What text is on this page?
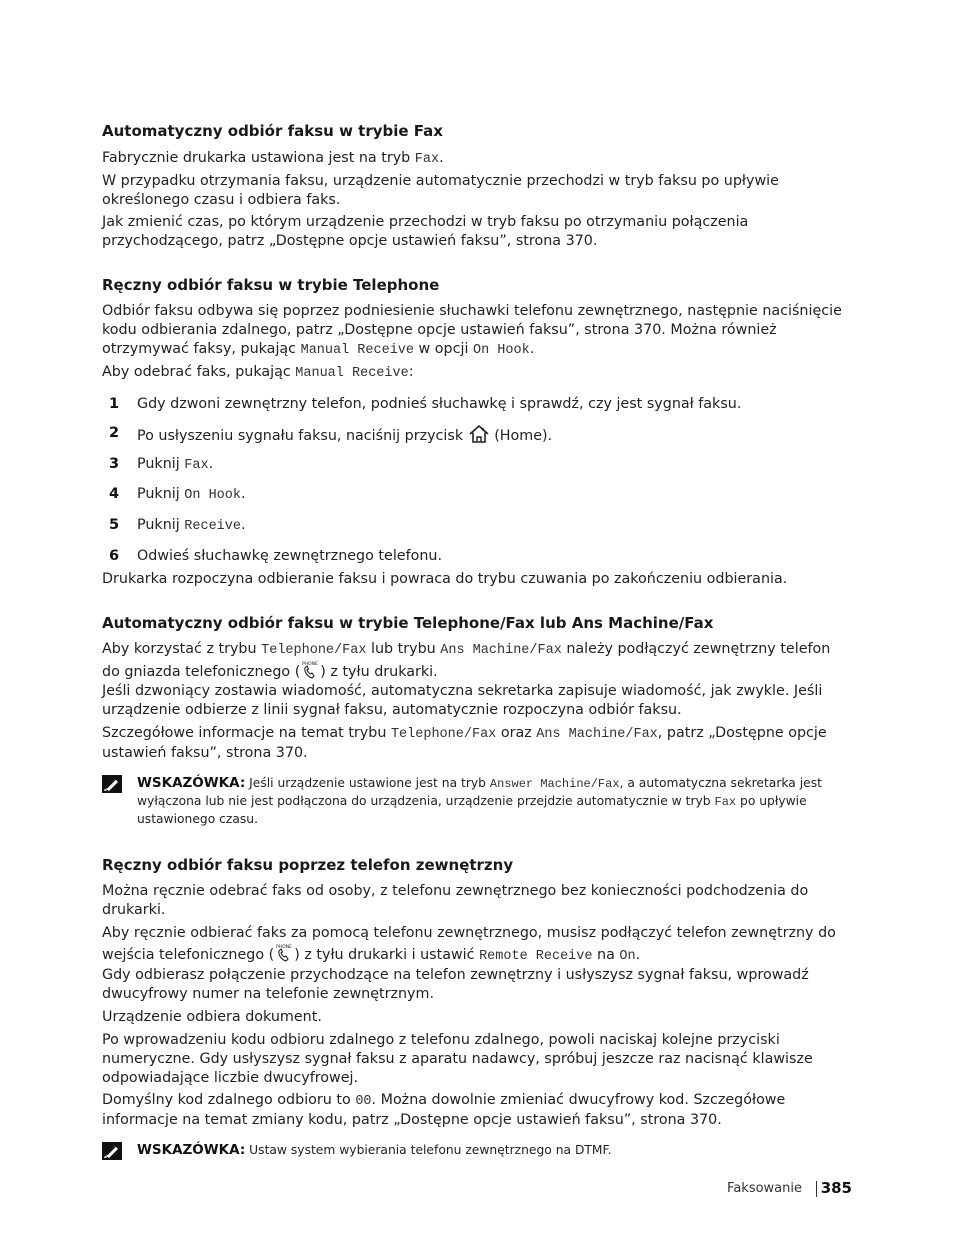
Automatyczny odbiór faksu w trybie Fax

Fabrycznie drukarka ustawiona jest na tryb Fax.

W przypadku otrzymania faksu, urządzenie automatycznie przechodzi w tryb faksu po upływie określonego czasu i odbiera faks.

Jak zmienić czas, po którym urządzenie przechodzi w tryb faksu po otrzymaniu połączenia przychodzącego, patrz „Dostępne opcje ustawień faksu”, strona 370.

Ręczny odbiór faksu w trybie Telephone

Odbiór faksu odbywa się poprzez podniesienie słuchawki telefonu zewnętrznego, następnie naciśnięcie kodu odbierania zdalnego, patrz „Dostępne opcje ustawień faksu”, strona 370. Można również otrzymywać faksy, pukając Manual Receive w opcji On Hook.

Aby odebrać faks, pukając Manual Receive:

1 Gdy dzwoni zewnętrzny telefon, podnieś słuchawkę i sprawdź, czy jest sygnał faksu.
2 Po usłyszeniu sygnału faksu, naciśnij przycisk  (Home).
3 Puknij Fax.
4 Puknij On Hook.
5 Puknij Receive.
6 Odwieś słuchawkę zewnętrznego telefonu.

Drukarka rozpoczyna odbieranie faksu i powraca do trybu czuwania po zakończeniu odbierania.

Automatyczny odbiór faksu w trybie Telephone/Fax lub Ans Machine/Fax

Aby korzystać z trybu Telephone/Fax lub trybu Ans Machine/Fax należy podłączyć zewnętrzny telefon do gniazda telefonicznego ( PHONE ) z tyłu drukarki.

Jeśli dzwoniący zostawia wiadomość, automatyczna sekretarka zapisuje wiadomość, jak zwykle. Jeśli urządzenie odbierze z linii sygnał faksu, automatycznie rozpoczyna odbiór faksu.

Szczegółowe informacje na temat trybu Telephone/Fax oraz Ans Machine/Fax, patrz „Dostępne opcje ustawień faksu”, strona 370.

WSKAZÓWKA: Jeśli urządzenie ustawione jest na tryb Answer Machine/Fax, a automatyczna sekretarka jest wyłączona lub nie jest podłączona do urządzenia, urządzenie przejdzie automatycznie w tryb Fax po upływie ustawionego czasu.
Ręczny odbiór faksu poprzez telefon zewnętrzny

Można ręcznie odebrać faks od osoby, z telefonu zewnętrznego bez konieczności podchodzenia do drukarki.

Aby ręcznie odbierać faks za pomocą telefonu zewnętrznego, musisz podłączyć telefon zewnętrzny do wejścia telefonicznego ( PHONE ) z tyłu drukarki i ustawić Remote Receive na On.

Gdy odbierasz połączenie przychodzące na telefon zewnętrzny i usłyszysz sygnał faksu, wprowadź dwucyfrowy numer na telefonie zewnętrznym.

Urządzenie odbiera dokument.

Po wprowadzeniu kodu odbioru zdalnego z telefonu zdalnego, powoli naciskaj kolejne przyciski numeryczne. Gdy usłyszysz sygnał faksu z aparatu nadawcy, spróbuj jeszcze raz nacisnąć klawisze odpowiadające liczbie dwucyfrowej.

Domyślny kod zdalnego odbioru to 00. Można dowolnie zmieniać dwucyfrowy kod. Szczegółowe informacje na temat zmiany kodu, patrz „Dostępne opcje ustawień faksu”, strona 370.

WSKAZÓWKA: Ustaw system wybierania telefonu zewnętrznego na DTMF.
Faksowanie 385
